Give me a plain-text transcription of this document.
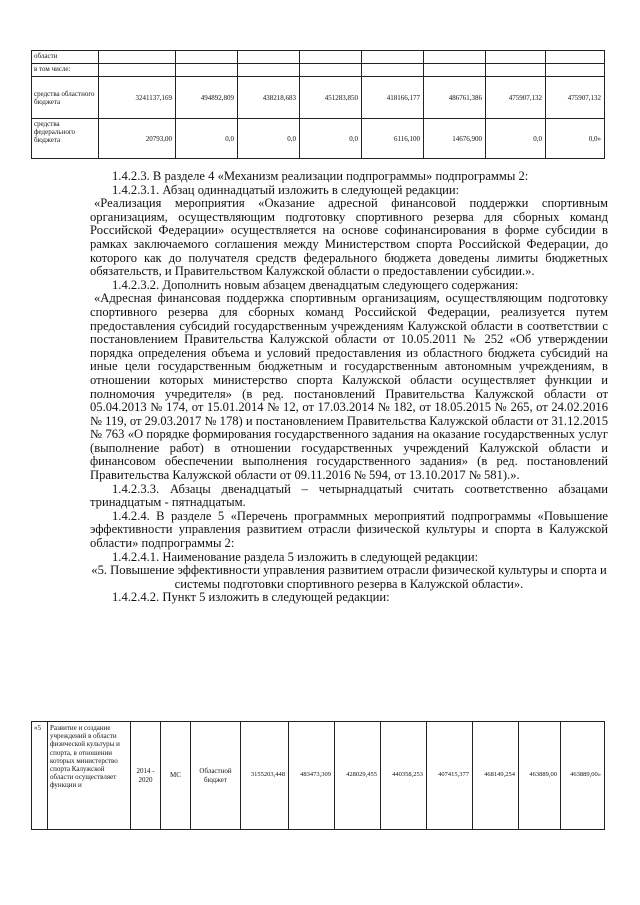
области								
в том числе:								
средства областного бюджета	3241137,169	494892,809	438218,683	451283,850	418166,177	486761,386	475907,132	475907,132
средства федерального бюджета	20793,00	0,0	0,0	0,0	6116,100	14676,900	0,0	0,0»

1.4.2.3. В разделе 4 «Механизм реализации подпрограммы» подпрограммы 2:

1.4.2.3.1. Абзац одиннадцатый изложить в следующей редакции:

«Реализация мероприятия «Оказание адресной финансовой поддержки спортивным организациям, осуществляющим подготовку спортивного резерва для сборных команд Российской Федерации» осуществляется на основе софинансирования в форме субсидии в рамках заключаемого соглашения между Министерством спорта Российской Федерации, до которого как до получателя средств федерального бюджета доведены лимиты бюджетных обязательств, и Правительством Калужской области о предоставлении субсидии.».

1.4.2.3.2. Дополнить новым абзацем двенадцатым следующего содержания:

«Адресная финансовая поддержка спортивным организациям, осуществляющим подготовку спортивного резерва для сборных команд Российской Федерации, реализуется путем предоставления субсидий государственным учреждениям Калужской области в соответствии с постановлением Правительства Калужской области от 10.05.2011 № 252 «Об утверждении порядка определения объема и условий предоставления из областного бюджета субсидий на иные цели государственным бюджетным и государственным автономным учреждениям, в отношении которых министерство спорта Калужской области осуществляет функции и полномочия учредителя» (в ред. постановлений Правительства Калужской области от 05.04.2013 № 174, от 15.01.2014 № 12, от 17.03.2014 № 182, от 18.05.2015 № 265, от 24.02.2016 № 119, от 29.03.2017 № 178) и постановлением Правительства Калужской области от 31.12.2015 № 763 «О порядке формирования государственного задания на оказание государственных услуг (выполнение работ) в отношении государственных учреждений Калужской области и финансовом обеспечении выполнения государственного задания» (в ред. постановлений Правительства Калужской области от 09.11.2016 № 594, от 13.10.2017 № 581).».

1.4.2.3.3. Абзацы двенадцатый – четырнадцатый считать соответственно абзацами тринадцатым - пятнадцатым.

1.4.2.4. В разделе 5 «Перечень программных мероприятий подпрограммы «Повышение эффективности управления развитием отрасли физической культуры и спорта в Калужской области» подпрограммы 2:

1.4.2.4.1. Наименование раздела 5 изложить в следующей редакции:

«5. Повышение эффективности управления развитием отрасли физической культуры и спорта и системы подготовки спортивного резерва в Калужской области».

1.4.2.4.2. Пункт 5 изложить в следующей редакции:

«5	Развитие и создание учреждений в области физической культуры и спорта, в отношении которых министерство спорта Калужской области осуществляет функции и	2014 - 2020	МС	Областной бюджет	3155203,448	483473,309	428029,455	440358,253	407415,377	468149,254	463889,00	463889,00»
